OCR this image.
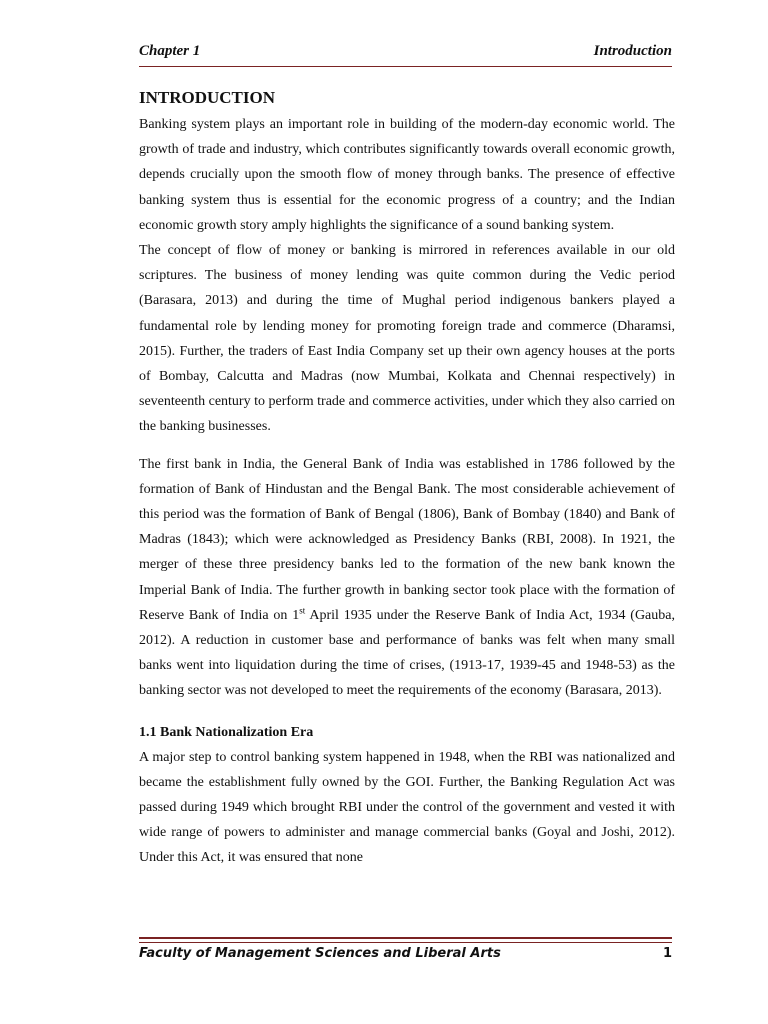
Chapter 1	Introduction
INTRODUCTION

Banking system plays an important role in building of the modern-day economic world. The growth of trade and industry, which contributes significantly towards overall economic growth, depends crucially upon the smooth flow of money through banks. The presence of effective banking system thus is essential for the economic progress of a country; and the Indian economic growth story amply highlights the significance of a sound banking system.

The concept of flow of money or banking is mirrored in references available in our old scriptures. The business of money lending was quite common during the Vedic period (Barasara, 2013) and during the time of Mughal period indigenous bankers played a fundamental role by lending money for promoting foreign trade and commerce (Dharamsi, 2015). Further, the traders of East India Company set up their own agency houses at the ports of Bombay, Calcutta and Madras (now Mumbai, Kolkata and Chennai respectively) in seventeenth century to perform trade and commerce activities, under which they also carried on the banking businesses.

The first bank in India, the General Bank of India was established in 1786 followed by the formation of Bank of Hindustan and the Bengal Bank. The most considerable achievement of this period was the formation of Bank of Bengal (1806), Bank of Bombay (1840) and Bank of Madras (1843); which were acknowledged as Presidency Banks (RBI, 2008). In 1921, the merger of these three presidency banks led to the formation of the new bank known the Imperial Bank of India. The further growth in banking sector took place with the formation of Reserve Bank of India on 1st April 1935 under the Reserve Bank of India Act, 1934 (Gauba, 2012). A reduction in customer base and performance of banks was felt when many small banks went into liquidation during the time of crises, (1913-17, 1939-45 and 1948-53) as the banking sector was not developed to meet the requirements of the economy (Barasara, 2013).

1.1 Bank Nationalization Era

A major step to control banking system happened in 1948, when the RBI was nationalized and became the establishment fully owned by the GOI. Further, the Banking Regulation Act was passed during 1949 which brought RBI under the control of the government and vested it with wide range of powers to administer and manage commercial banks (Goyal and Joshi, 2012). Under this Act, it was ensured that none

Faculty of Management Sciences and Liberal Arts	1
